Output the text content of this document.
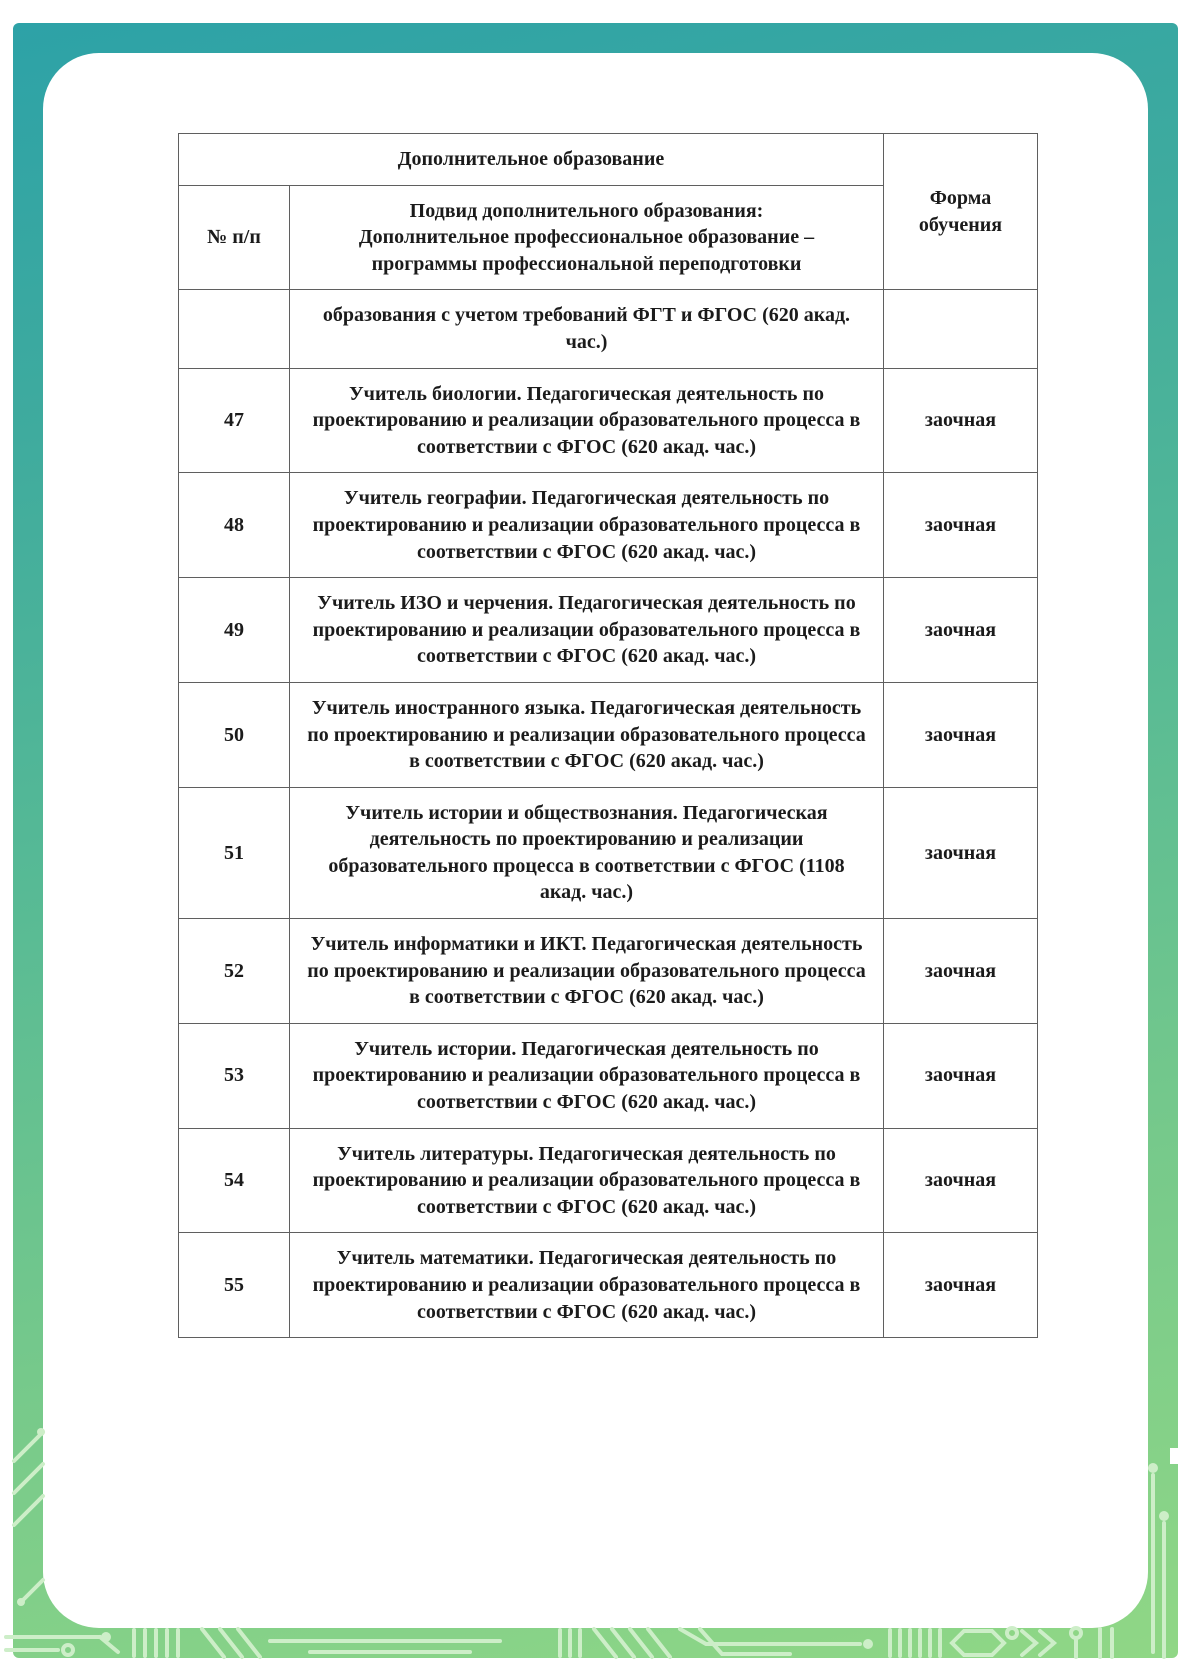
Дополнительное образование		Форма обучения
№ п/п	Подвид дополнительного образования:
Дополнительное профессиональное образование –
программы профессиональной переподготовки	

	образования с учетом требований ФГТ и ФГОС (620 акад. час.)	
47	Учитель биологии. Педагогическая деятельность по проектированию и реализации образовательного процесса в соответствии с ФГОС (620 акад. час.)	заочная
48	Учитель географии. Педагогическая деятельность по проектированию и реализации образовательного процесса в соответствии с ФГОС (620 акад. час.)	заочная
49	Учитель ИЗО и черчения. Педагогическая деятельность по проектированию и реализации образовательного процесса в соответствии с ФГОС (620 акад. час.)	заочная
50	Учитель иностранного языка. Педагогическая деятельность по проектированию и реализации образовательного процесса в соответствии с ФГОС (620 акад. час.)	заочная
51	Учитель истории и обществознания. Педагогическая деятельность по проектированию и реализации образовательного процесса в соответствии с ФГОС (1108 акад. час.)	заочная
52	Учитель информатики и ИКТ. Педагогическая деятельность по проектированию и реализации образовательного процесса в соответствии с ФГОС (620 акад. час.)	заочная
53	Учитель истории. Педагогическая деятельность по проектированию и реализации образовательного процесса в соответствии с ФГОС (620 акад. час.)	заочная
54	Учитель литературы. Педагогическая деятельность по проектированию и реализации образовательного процесса в соответствии с ФГОС (620 акад. час.)	заочная
55	Учитель математики. Педагогическая деятельность по проектированию и реализации образовательного процесса в соответствии с ФГОС (620 акад. час.)	заочная
